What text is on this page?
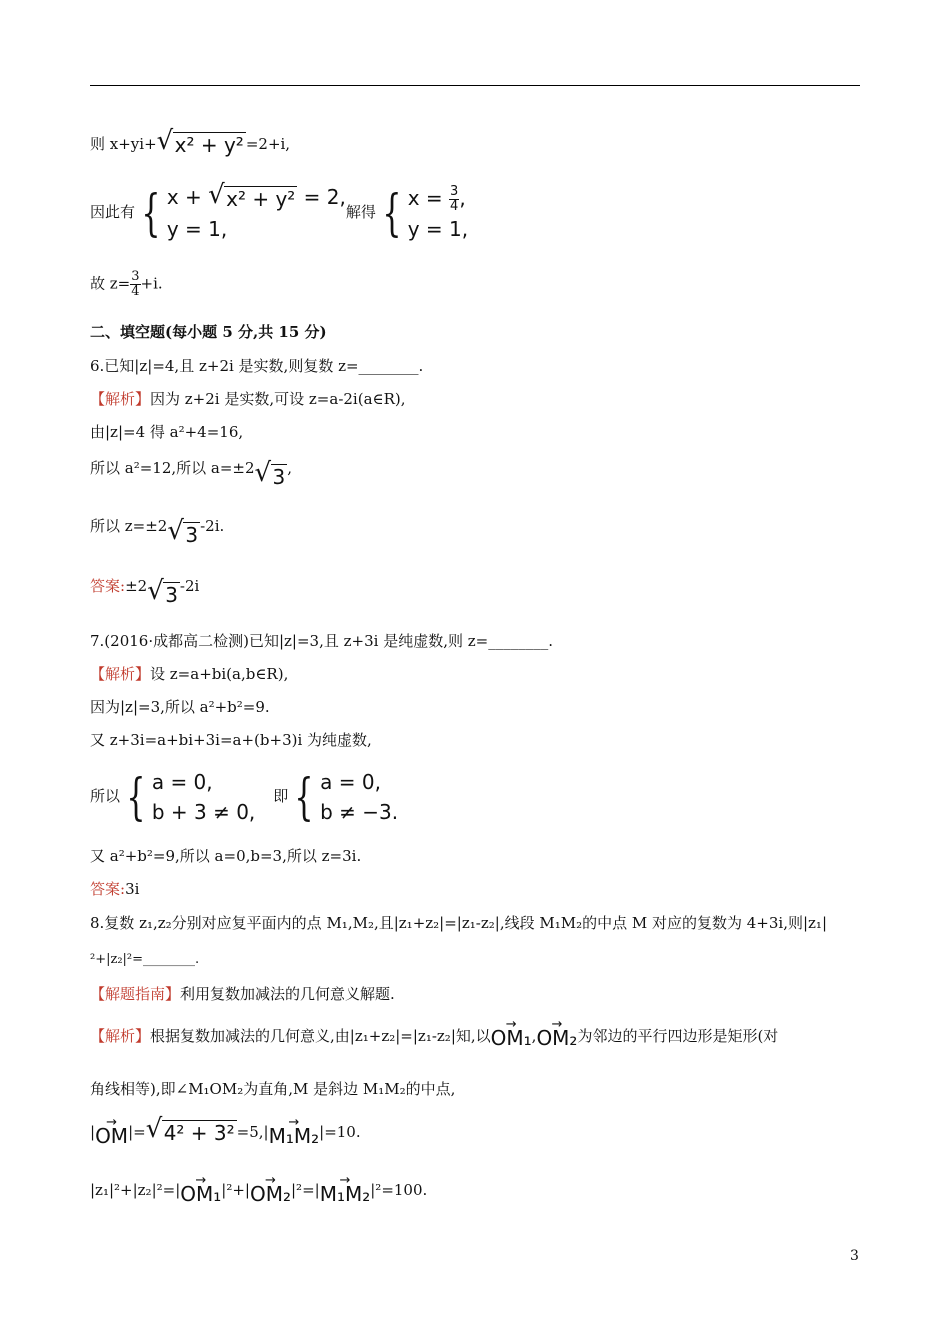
则 x+yi+ √ x² + y² =2+i,
因此有 { x + √ x² + y² = 2,
y = 1,
解得 { $x = \frac{3}{4}$ ,
y = 1,
故 $z= \frac{3}{4} +i$.
二、填空题(每小题 5 分,共 15 分)
6.已知|z|=4,且 z+2i 是实数,则复数 z=________.
【解析】因为 z+2i 是实数,可设 z=a-2i(a∈R),
由|z|=4 得 a²+4=16,
所以 a²=12,所以 a=±2 √ 3 ,
所以 z=±2 √ 3 -2i.
答案:±2 √ 3 -2i
7.(2016·成都高二检测)已知|z|=3,且 z+3i 是纯虚数,则 z=________.
【解析】设 z=a+bi(a,b∈R),
因为|z|=3,所以 a²+b²=9.
又 z+3i=a+bi+3i=a+(b+3)i 为纯虚数,
所以 { a = 0,
b + 3 ≠ 0,
即 { a = 0,
b ≠ −3.
又 a²+b²=9,所以 a=0,b=3,所以 z=3i.
答案:3i
8.复数 z₁,z₂分别对应复平面内的点 M₁,M₂,且|z₁+z₂|=|z₁-z₂|,线段 M₁M₂的中点 M 对应的复数为 4+3i,则|z₁|
²+|z₂|²=________.
【解题指南】利用复数加减法的几何意义解题.
【解析】根据复数加减法的几何意义,由|z₁+z₂|=|z₁-z₂|知,以→ OM₁,→ OM₂为邻边的平行四边形是矩形(对
角线相等),即∠M₁OM₂为直角,M 是斜边 M₁M₂的中点,
|→ OM|= √ 4² + 3² =5,|→ M₁M₂|=10.
|z₁|²+|z₂|²=|→ OM₁|²+|→ OM₂|²=|→ M₁M₂|²=100.
3
